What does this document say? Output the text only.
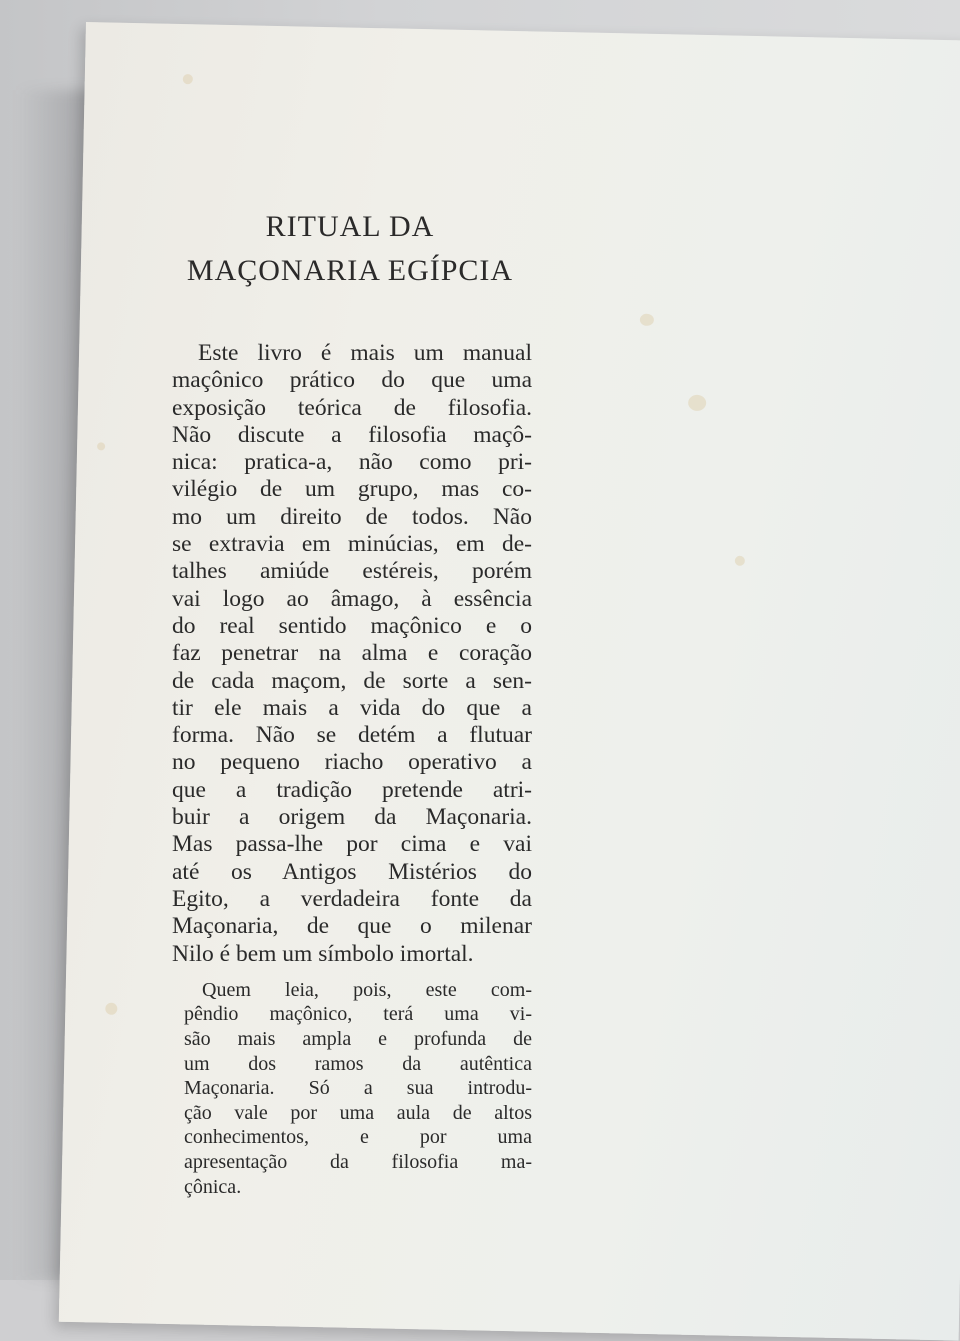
RITUAL DA
MAÇONARIA EGÍPCIA
Este livro é mais um manual
maçônico prático do que uma
exposição teórica de filosofia.
Não discute a filosofia maçô-
nica: pratica-a, não como pri-
vilégio de um grupo, mas co-
mo um direito de todos. Não
se extravia em minúcias, em de-
talhes amiúde estéreis, porém
vai logo ao âmago, à essência
do real sentido maçônico e o
faz penetrar na alma e coração
de cada maçom, de sorte a sen-
tir ele mais a vida do que a
forma. Não se detém a flutuar
no pequeno riacho operativo a
que a tradição pretende atri-
buir a origem da Maçonaria.
Mas passa-lhe por cima e vai
até os Antigos Mistérios do
Egito, a verdadeira fonte da
Maçonaria, de que o milenar
Nilo é bem um símbolo imortal.
Quem leia, pois, este com-
pêndio maçônico, terá uma vi-
são mais ampla e profunda de
um dos ramos da autêntica
Maçonaria. Só a sua introdu-
ção vale por uma aula de altos
conhecimentos, e por uma
apresentação da filosofia ma-
çônica.
